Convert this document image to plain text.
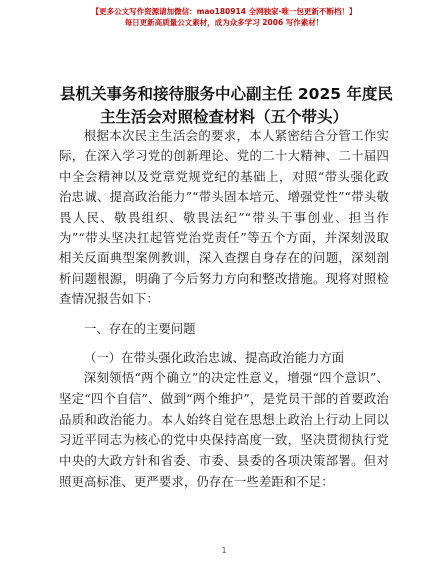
【更多公文写作资源请加微信：mao180914 全网独家·唯一包更新不断档！】
每日更新高质量公文素材，成为众多学习 2006 写作素材！
县机关事务和接待服务中心副主任 2025 年度民
主生活会对照检查材料（五个带头）

根据本次民主生活会的要求，本人紧密结合分管工作实际，在深入学习党的创新理论、党的二十大精神、二十届四中全会精神以及党章党规党纪的基础上，对照“带头强化政治忠诚、提高政治能力”“带头固本培元、增强党性”“带头敬畏人民、敬畏组织、敬畏法纪”“带头干事创业、担当作为”“带头坚决扛起管党治党责任”等五个方面，并深刻汲取相关反面典型案例教训，深入查摆自身存在的问题，深刻剖析问题根源，明确了今后努力方向和整改措施。现将对照检查情况报告如下：

一、存在的主要问题
（一）在带头强化政治忠诚、提高政治能力方面

深刻领悟“两个确立”的决定性意义，增强“四个意识”、坚定“四个自信”、做到“两个维护”，是党员干部的首要政治品质和政治能力。本人始终自觉在思想上政治上行动上同以习近平同志为核心的党中央保持高度一致，坚决贯彻执行党中央的大政方针和省委、市委、县委的各项决策部署。但对照更高标准、更严要求，仍存在一些差距和不足：

1
